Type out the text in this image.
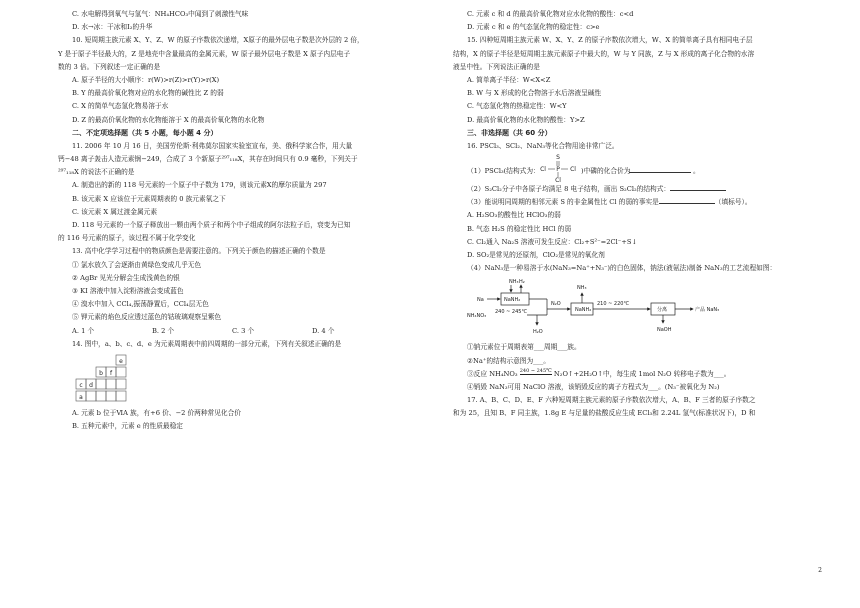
C. 水电解得到氧气与氢气：NH₄HCO₃中闻到了刺激性气味
D. 水→冰：干冰和I₂的升华
10. 短周期主族元素 X、Y、Z、W 的原子序数依次递增，X原子的最外层电子数是次外层的 2 倍，
Y 是于原子半径最大的，Z 是地壳中含量最高的金属元素，W 原子最外层电子数是 X 原子内层电子
数的 3 倍。下列叙述一定正确的是
A. 原子半径的大小顺序：r(W)>r(Z)>r(Y)>r(X)
B. Y 的最高价氧化物对应的水化物的碱性比 Z 的弱
C. X 的简单气态氢化物易溶于水
D. Z 的最高价氧化物的水化物能溶于 X 的最高价氧化物的水化物
二、不定项选择题（共 5 小题，每小题 4 分）
11. 2006 年 10 月 16 日，美国劳伦斯·利弗莫尔国家实验室宣布，美、俄科学家合作，用大量
钙−48 离子轰击人造元素锎−249，合成了 3 个新原子²⁹⁷₁₁₈X，其存在时间只有 0.9 毫秒，下列关于
²⁹⁷₁₁₈X 的说法不正确的是
A. 制造出的新的 118 号元素的一个原子中子数为 179，则该元素X的摩尔质量为 297
B. 该元素 X 应该位于元素周期表的 0 族元素氡之下
C. 该元素 X 属过渡金属元素
D. 118 号元素的一个原子释放出一颗由两个质子和两个中子组成的阿尔法粒子后，衰变为已知
的 116 号元素的原子，该过程不属于化学变化
13. 高中化学学习过程中的物质颜色是需要注意的。下列关于颜色的描述正确的个数是
① 氯水放久了会逐渐由黄绿色变成几乎无色
② AgBr 见光分解会生成浅黄色的银
③ KI 溶液中加入淀粉溶液会变成蓝色
④ 溴水中加入 CCl₄,振荡静置后，CCl₄层无色
⑤ 钾元素的焰色反应透过蓝色的钴玻璃观察呈紫色
A. 1 个	B. 2 个	C. 3 个	D. 4 个
14. 图中，a、b、c、d、e 为元素周期表中前四周期的一部分元素，下列有关叙述正确的是
e
b f
c d
a
A. 元素 b 位于ⅥA 族，有+6 价、−2 价两种常见化合价
B. 五种元素中，元素 e 的性质最稳定
C. 元素 c 和 d 的最高价氧化物对应水化物的酸性：c<d
D. 元素 c 和 e 的气态氢化物的稳定性：c>e
15. 四种短周期主族元素 W、X、Y、Z 的原子序数依次增大，W、X 的简单离子具有相同电子层
结构，X 的原子半径是短周期主族元素原子中最大的，W 与 Y 同族，Z 与 X 形成的离子化合物的水溶
液呈中性。下列说法正确的是
A. 简单离子半径：W<X<Z
B. W 与 X 形成的化合物溶于水后溶液呈碱性
C. 气态氢化物的热稳定性：W<Y
D. 最高价氧化物的水化物的酸性：Y>Z
三、非选择题（共 60 分）
16. PSCl₃、SCl₂、NaN₃等化合物用途非常广泛。
（1）PSCl₃(结构式为：
S
P
Cl	Cl
Cl
)中磷的化合价为	。
（2）S₂Cl₂分子中各原子均满足 8 电子结构，画出 S₂Cl₂的结构式：
（3）能说明同周期的相邻元素 S 的非金属性比 Cl 的弱的事实是	（填标号）。
A. H₂SO₃的酸性比 HClO₃的弱
B. 气态 H₂S 的稳定性比 HCl 的弱
C. Cl₂通入 Na₂S 溶液可发生反应：Cl₂+S²⁻=2Cl⁻+S↓
D. SO₂是常见的还原剂，ClO₂是常见的氧化剂
（4）NaN₃是一种易溶于水(NaN₃=Na⁺+N₃⁻)的白色固体，钠法(液氨法)制备 NaN₃的工艺流程如图：
NH₃ H₂
Na	NaNH₂
210 ~ 220℃
NaNH₂
NH₃
分离	产品 NaN₃
NH₄NO₃
240 ~ 245℃
N₂O
H₂O	NaOH
①钠元素位于周期表第___周期___族。
②Na⁺的结构示意图为___。
③反应 NH₄NO₃ 240 ~ 245℃ N₂O↑+2H₂O↑中，每生成 1mol N₂O 转移电子数为___。
④销毁 NaN₃可用 NaClO 溶液，该销毁反应的离子方程式为___。(N₃⁻被氧化为 N₂)
17. A、B、C、D、E、F 六种短周期主族元素的原子序数依次增大，A、B、F 三者的原子序数之
和为 25，且知 B、F 同主族，1.8g E 与足量的盐酸反应生成 ECl₃和 2.24L 氢气(标准状况下)，D 和
2
